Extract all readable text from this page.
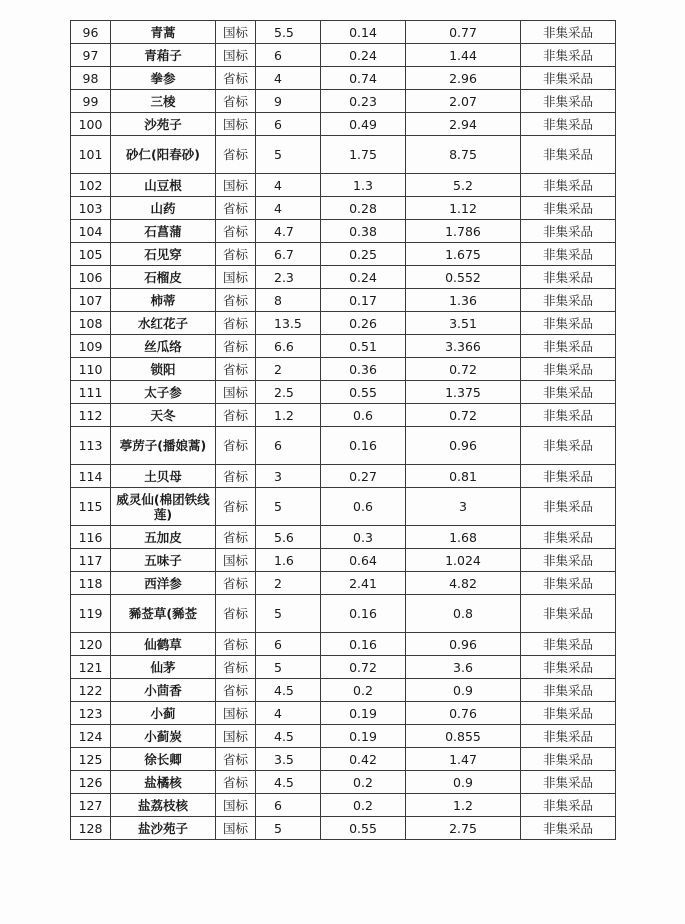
96	青蒿	国标	5.5	0.14	0.77	非集采品
97	青葙子	国标	6	0.24	1.44	非集采品
98	拳参	省标	4	0.74	2.96	非集采品
99	三棱	省标	9	0.23	2.07	非集采品
100	沙苑子	国标	6	0.49	2.94	非集采品
101	砂仁(阳春砂)	省标	5	1.75	8.75	非集采品
102	山豆根	国标	4	1.3	5.2	非集采品
103	山药	省标	4	0.28	1.12	非集采品
104	石菖蒲	省标	4.7	0.38	1.786	非集采品
105	石见穿	省标	6.7	0.25	1.675	非集采品
106	石榴皮	国标	2.3	0.24	0.552	非集采品
107	柿蒂	省标	8	0.17	1.36	非集采品
108	水红花子	省标	13.5	0.26	3.51	非集采品
109	丝瓜络	省标	6.6	0.51	3.366	非集采品
110	锁阳	省标	2	0.36	0.72	非集采品
111	太子参	国标	2.5	0.55	1.375	非集采品
112	天冬	省标	1.2	0.6	0.72	非集采品
113	葶苈子(播娘蒿)	省标	6	0.16	0.96	非集采品
114	土贝母	省标	3	0.27	0.81	非集采品
115	威灵仙(棉团铁线莲)	省标	5	0.6	3	非集采品
116	五加皮	省标	5.6	0.3	1.68	非集采品
117	五味子	国标	1.6	0.64	1.024	非集采品
118	西洋参	省标	2	2.41	4.82	非集采品
119	豨莶草(豨莶	省标	5	0.16	0.8	非集采品
120	仙鹤草	省标	6	0.16	0.96	非集采品
121	仙茅	省标	5	0.72	3.6	非集采品
122	小茴香	省标	4.5	0.2	0.9	非集采品
123	小蓟	国标	4	0.19	0.76	非集采品
124	小蓟炭	国标	4.5	0.19	0.855	非集采品
125	徐长卿	省标	3.5	0.42	1.47	非集采品
126	盐橘核	省标	4.5	0.2	0.9	非集采品
127	盐荔枝核	国标	6	0.2	1.2	非集采品
128	盐沙苑子	国标	5	0.55	2.75	非集采品
